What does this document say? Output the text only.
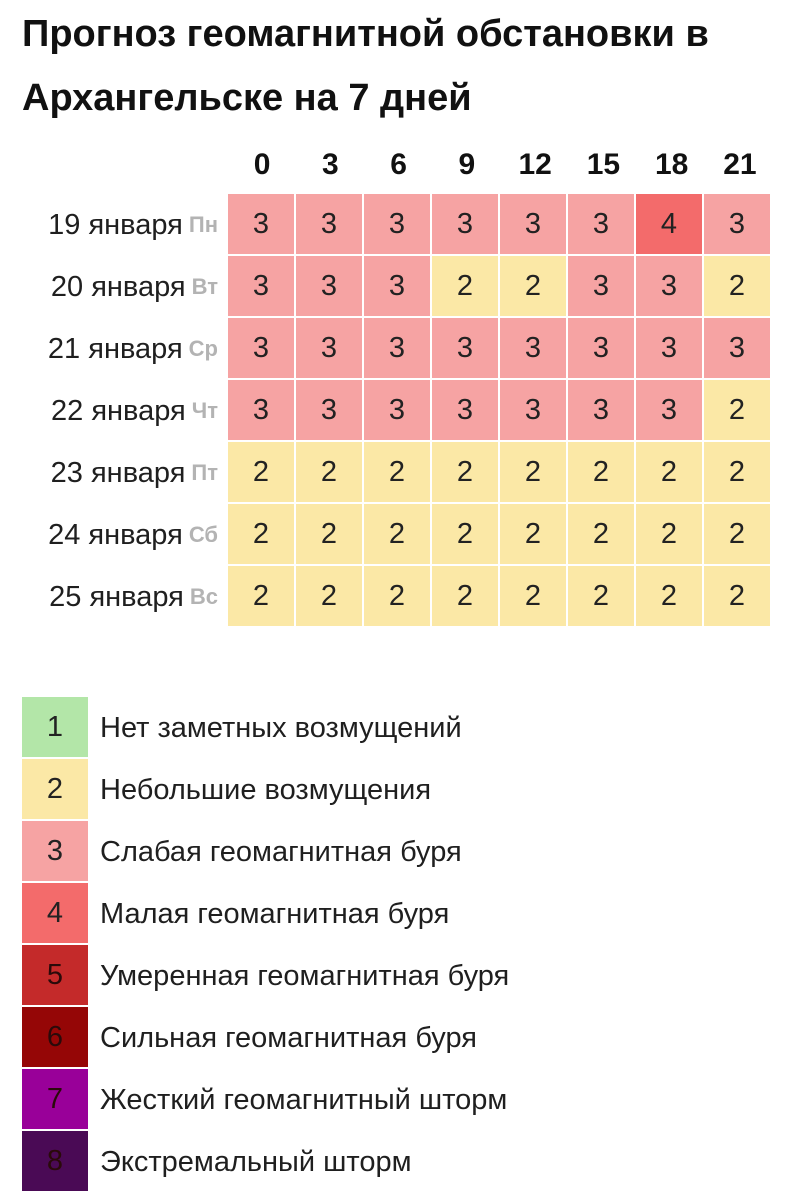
Прогноз геомагнитной обстановки в Архангельске на 7 дней
0	3	6	9	12	15	18	21
19 января Пн	3	3	3	3	3	3	4	3
20 января Вт	3	3	3	2	2	3	3	2
21 января Ср	3	3	3	3	3	3	3	3
22 января Чт	3	3	3	3	3	3	3	2
23 января Пт	2	2	2	2	2	2	2	2
24 января Сб	2	2	2	2	2	2	2	2
25 января Вс	2	2	2	2	2	2	2	2
1	Нет заметных возмущений
2	Небольшие возмущения
3	Слабая геомагнитная буря
4	Малая геомагнитная буря
5	Умеренная геомагнитная буря
6	Сильная геомагнитная буря
7	Жесткий геомагнитный шторм
8	Экстремальный шторм
